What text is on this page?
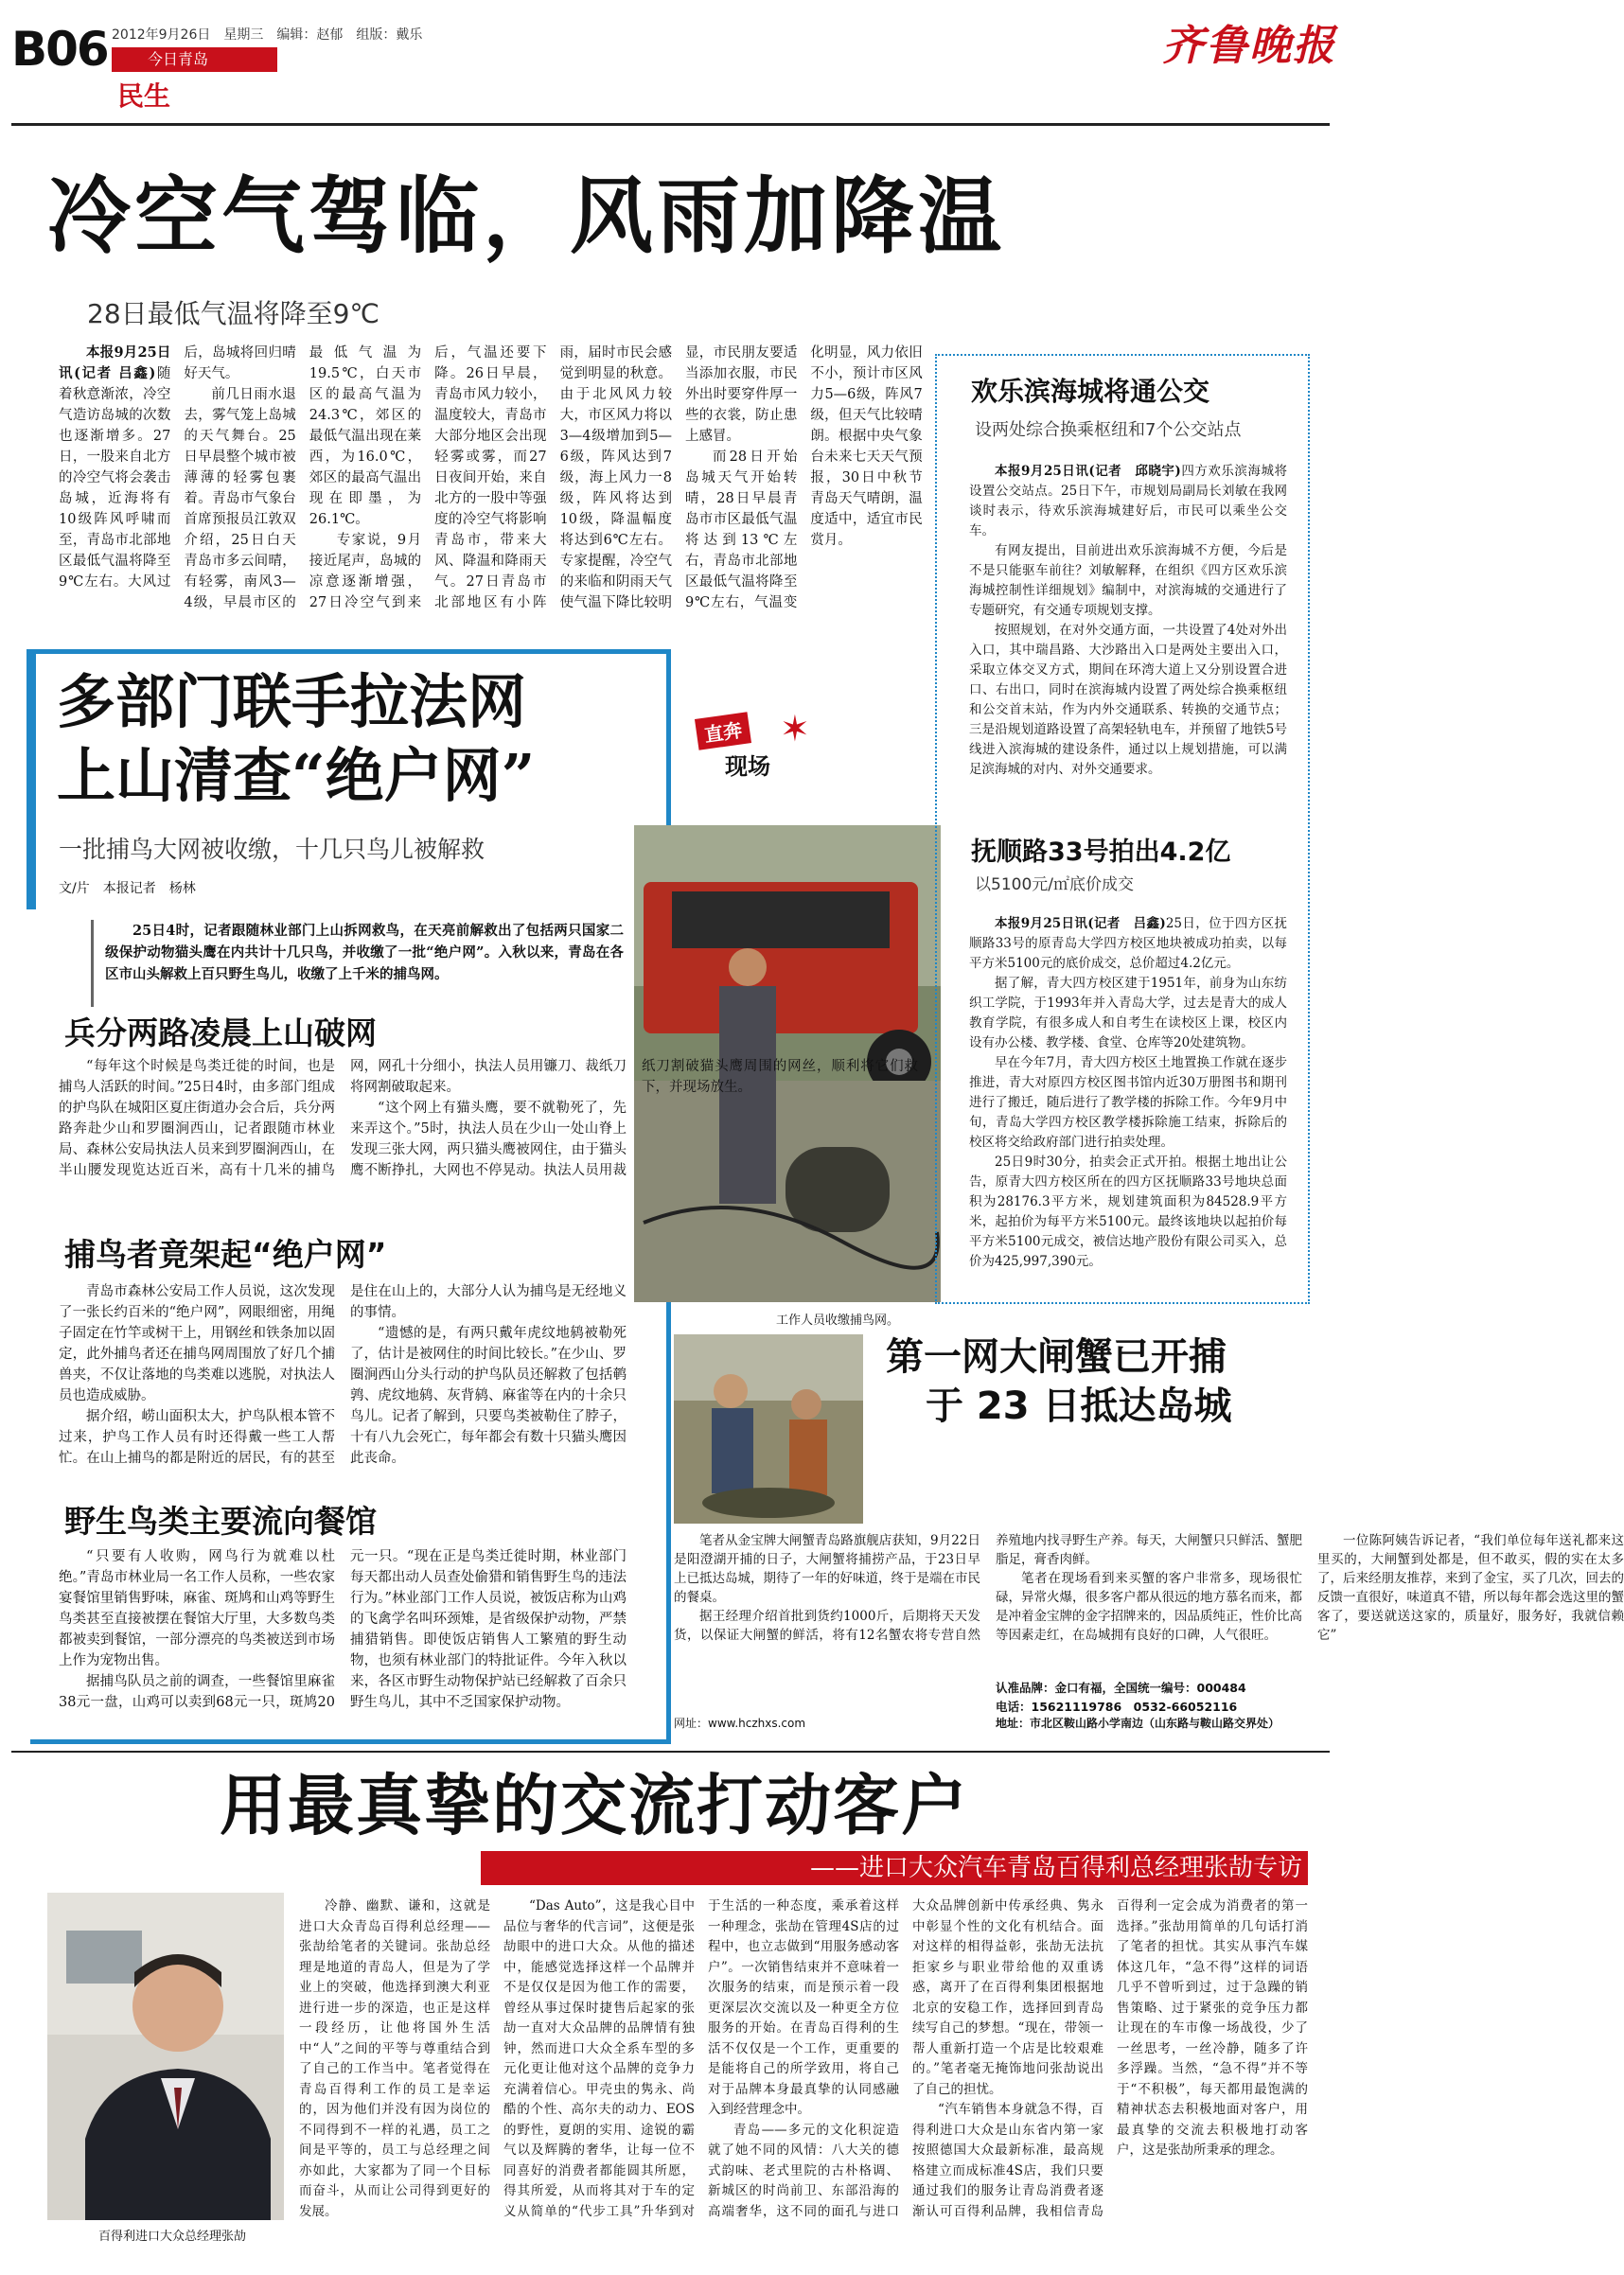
B06 2012年9月26日　星期三　编辑：赵郁　组版：戴乐
今日青岛
民生
齐鲁晚报
冷空气驾临，风雨加降温
28日最低气温将降至9℃

本报9月25日讯(记者 吕鑫)随着秋意渐浓，冷空气造访岛城的次数也逐渐增多。27日，一股来自北方的冷空气将会袭击岛城，近海将有10级阵风呼啸而至，青岛市北部地区最低气温将降至9℃左右。大风过后，岛城将回归晴好天气。

前几日雨水退去，雾气笼上岛城的天气舞台。25日早晨整个城市被薄薄的轻雾包裹着。青岛市气象台首席预报员江敦双介绍，25日白天青岛市多云间晴，有轻雾，南风3—4级，早晨市区的最低气温为19.5℃，白天市区的最高气温为24.3℃，郊区的最低气温出现在莱西，为16.0℃，郊区的最高气温出现在即墨，为26.1℃。

专家说，9月接近尾声，岛城的凉意逐渐增强，27日冷空气到来后，气温还要下降。26日早晨，青岛市风力较小，温度较大，青岛市大部分地区会出现轻雾或雾，而27日夜间开始，来自北方的一股中等强度的冷空气将影响青岛市，带来大风、降温和降雨天气。27日青岛市北部地区有小阵雨，届时市民会感觉到明显的秋意。由于北风风力较大，市区风力将以3—4级增加到5—6级，阵风达到7级，海上风力一8级，阵风将达到10级，降温幅度将达到6℃左右。专家提醒，冷空气的来临和阴雨天气使气温下降比较明显，市民朋友要适当添加衣服，市民外出时要穿件厚一些的衣裳，防止患上感冒。

而28日开始岛城天气开始转晴，28日早晨青岛市市区最低气温将达到13℃左右，青岛市北部地区最低气温将降至9℃左右，气温变化明显，风力依旧不小，预计市区风力5—6级，阵风7级，但天气比较晴朗。根据中央气象台未来七天天气预报，30日中秋节青岛天气晴朗，温度适中，适宜市民赏月。

多部门联手拉法网
上山清查“绝户网”
一批捕鸟大网被收缴，十几只鸟儿被解救
文/片　本报记者　杨林
直奔
现场
✶

25日4时，记者跟随林业部门上山拆网救鸟，在天亮前解救出了包括两只国家二级保护动物猫头鹰在内共计十几只鸟，并收缴了一批“绝户网”。入秋以来，青岛在各区市山头解救上百只野生鸟儿，收缴了上千米的捕鸟网。

工作人员收缴捕鸟网。
兵分两路凌晨上山破网

“每年这个时候是鸟类迁徙的时间，也是捕鸟人活跃的时间。”25日4时，由多部门组成的护鸟队在城阳区夏庄街道办会合后，兵分两路奔赴少山和罗圈涧西山，记者跟随市林业局、森林公安局执法人员来到罗圈涧西山，在半山腰发现览达近百米，高有十几米的捕鸟网，网孔十分细小，执法人员用镰刀、裁纸刀将网割破取起来。

“这个网上有猫头鹰，要不就勒死了，先来弄这个。”5时，执法人员在少山一处山脊上发现三张大网，两只猫头鹰被网住，由于猫头鹰不断挣扎，大网也不停晃动。执法人员用裁纸刀割破猫头鹰周围的网丝，顺利将它们救下，并现场放生。

捕鸟者竟架起“绝户网”

青岛市森林公安局工作人员说，这次发现了一张长约百米的“绝户网”，网眼细密，用绳子固定在竹竿或树干上，用钢丝和铁条加以固定，此外捕鸟者还在捕鸟网周围放了好几个捕兽夹，不仅让落地的鸟类难以逃脱，对执法人员也造成威胁。

据介绍，崂山面积太大，护鸟队根本管不过来，护鸟工作人员有时还得戴一些工人帮忙。在山上捕鸟的都是附近的居民，有的甚至是住在山上的，大部分人认为捕鸟是无经地义的事情。

“遗憾的是，有两只戴年虎纹地鸫被勒死了，估计是被网住的时间比较长。”在少山、罗圈涧西山分头行动的护鸟队员还解救了包括鹌鹑、虎纹地鸫、灰背鸫、麻雀等在内的十余只鸟儿。记者了解到，只要鸟类被勒住了脖子，十有八九会死亡，每年都会有数十只猫头鹰因此丧命。

野生鸟类主要流向餐馆

“只要有人收购，网鸟行为就难以杜绝。”青岛市林业局一名工作人员称，一些农家宴餐馆里销售野味，麻雀、斑鸠和山鸡等野生鸟类甚至直接被摆在餐馆大厅里，大多数鸟类都被卖到餐馆，一部分漂亮的鸟类被送到市场上作为宠物出售。

据捕鸟队员之前的调查，一些餐馆里麻雀38元一盘，山鸡可以卖到68元一只，斑鸠20元一只。“现在正是鸟类迁徙时期，林业部门每天都出动人员查处偷猎和销售野生鸟的违法行为。”林业部门工作人员说，被饭店称为山鸡的飞禽学名叫环颈雉，是省级保护动物，严禁捕猎销售。即使饭店销售人工繁殖的野生动物，也须有林业部门的特批证件。今年入秋以来，各区市野生动物保护站已经解救了百余只野生鸟儿，其中不乏国家保护动物。

欢乐滨海城将通公交
设两处综合换乘枢纽和7个公交站点

本报9月25日讯(记者　邱晓宇)四方欢乐滨海城将设置公交站点。25日下午，市规划局副局长刘敏在我网谈时表示，待欢乐滨海城建好后，市民可以乘坐公交车。

有网友提出，目前进出欢乐滨海城不方便，今后是不是只能驱车前往？刘敏解释，在组织《四方区欢乐滨海城控制性详细规划》编制中，对滨海城的交通进行了专题研究，有交通专项规划支撑。

按照规划，在对外交通方面，一共设置了4处对外出入口，其中瑞昌路、大沙路出入口是两处主要出入口，采取立体交叉方式，期间在环湾大道上又分别设置合进口、右出口，同时在滨海城内设置了两处综合换乘枢纽和公交首末站，作为内外交通联系、转换的交通节点；三是沿规划道路设置了高架轻轨电车，并预留了地铁5号线进入滨海城的建设条件，通过以上规划措施，可以满足滨海城的对内、对外交通要求。

抚顺路33号拍出4.2亿
以5100元/㎡底价成交

本报9月25日讯(记者　吕鑫)25日，位于四方区抚顺路33号的原青岛大学四方校区地块被成功拍卖，以每平方米5100元的底价成交，总价超过4.2亿元。

据了解，青大四方校区建于1951年，前身为山东纺织工学院，于1993年并入青岛大学，过去是青大的成人教育学院，有很多成人和自考生在读校区上课，校区内设有办公楼、教学楼、食堂、仓库等20处建筑物。

早在今年7月，青大四方校区土地置换工作就在逐步推进，青大对原四方校区图书馆内近30万册图书和期刊进行了搬迁，随后进行了教学楼的拆除工作。今年9月中旬，青岛大学四方校区教学楼拆除施工结束，拆除后的校区将交给政府部门进行拍卖处理。

25日9时30分，拍卖会正式开拍。根据土地出让公告，原青大四方校区所在的四方区抚顺路33号地块总面积为28176.3平方米，规划建筑面积为84528.9平方米，起拍价为每平方米5100元。最终该地块以起拍价每平方米5100元成交，被信达地产股份有限公司买入，总价为425,997,390元。

第一网大闸蟹已开捕
于 23 日抵达岛城

笔者从金宝牌大闸蟹青岛路旗舰店获知，9月22日是阳澄湖开捕的日子，大闸蟹将捕捞产品，于23日早上已抵达岛城，期待了一年的好味道，终于是端在市民的餐桌。

据王经理介绍首批到货约1000斤，后期将天天发货，以保证大闸蟹的鲜活，将有12名蟹农将专营自然养殖地内找寻野生产养。每天，大闸蟹只只鲜活、蟹肥脂足，膏香肉鲜。

笔者在现场看到来买蟹的客户非常多，现场很忙碌，异常火爆，很多客户都从很远的地方慕名而来，都是冲着金宝牌的金字招牌来的，因品质纯正，性价比高等因素走红，在岛城拥有良好的口碑，人气很旺。

一位陈阿姨告诉记者，“我们单位每年送礼都来这里买的，大闸蟹到处都是，但不敢买，假的实在太多了，后来经朋友推荐，来到了金宝，买了几次，回去的反馈一直很好，味道真不错，所以每年都会选这里的蟹客了，要送就送这家的，质量好，服务好，我就信赖它”

认准品牌：金口有福，全国统一编号：000484
电话：15621119786　0532-66052116
地址：市北区鞍山路小学南边（山东路与鞍山路交界处）
网址：www.hczhxs.com
用最真挚的交流打动客户
——进口大众汽车青岛百得利总经理张劼专访
百得利进口大众总经理张劼

冷静、幽默、谦和，这就是进口大众青岛百得利总经理——张劼给笔者的关键词。张劼总经理是地道的青岛人，但是为了学业上的突破，他选择到澳大利亚进行进一步的深造，也正是这样一段经历，让他将国外生活中“人”之间的平等与尊重结合到了自己的工作当中。笔者觉得在青岛百得利工作的员工是幸运的，因为他们并没有因为岗位的不同得到不一样的礼遇，员工之间是平等的，员工与总经理之间亦如此，大家都为了同一个目标而奋斗，从而让公司得到更好的发展。

“Das Auto”，这是我心目中品位与奢华的代言词”，这便是张劼眼中的进口大众。从他的描述中，能感觉选择这样一个品牌并不是仅仅是因为他工作的需要，曾经从事过保时捷售后起家的张劼一直对大众品牌的品牌情有独钟，然而进口大众全系车型的多元化更让他对这个品牌的竞争力充满着信心。甲壳虫的隽永、尚酷的个性、高尔夫的动力、EOS的野性，夏朗的实用、途锐的霸气以及辉腾的奢华，让每一位不同喜好的消费者都能圆其所愿，得其所爱，从而将其对于车的定义从简单的“代步工具”升华到对于生活的一种态度，乘承着这样一种理念，张劼在管理4S店的过程中，也立志做到“用服务感动客户”。一次销售结束并不意味着一次服务的结束，而是预示着一段更深层次交流以及一种更全方位服务的开始。在青岛百得利的生活不仅仅是一个工作，更重要的是能将自己的所学致用，将自己对于品牌本身最真挚的认同感融入到经营理念中。

青岛——多元的文化积淀造就了她不同的风情：八大关的德式韵味、老式里院的古朴格调、新城区的时尚前卫、东部沿海的高端奢华，这不同的面孔与进口大众品牌创新中传承经典、隽永中彰显个性的文化有机结合。面对这样的相得益彰，张劼无法抗拒家乡与职业带给他的双重诱惑，离开了在百得利集团根据地北京的安稳工作，选择回到青岛续写自己的梦想。“现在，带领一帮人重新打造一个店是比较艰难的。”笔者毫无掩饰地问张劼说出了自己的担忧。

“汽车销售本身就急不得，百得利进口大众是山东省内第一家按照德国大众最新标准，最高规格建立而成标准4S店，我们只要通过我们的服务让青岛消费者逐渐认可百得利品牌，我相信青岛百得利一定会成为消费者的第一选择。”张劼用简单的几句话打消了笔者的担忧。其实从事汽车媒体这几年，“急不得”这样的词语几乎不曾听到过，过于急躁的销售策略、过于紧张的竞争压力都让现在的车市像一场战役，少了一丝思考，一丝冷静，随多了许多浮躁。当然，“急不得”并不等于“不积极”，每天都用最饱满的精神状态去积极地面对客户，用最真挚的交流去积极地打动客户，这是张劼所秉承的理念。
